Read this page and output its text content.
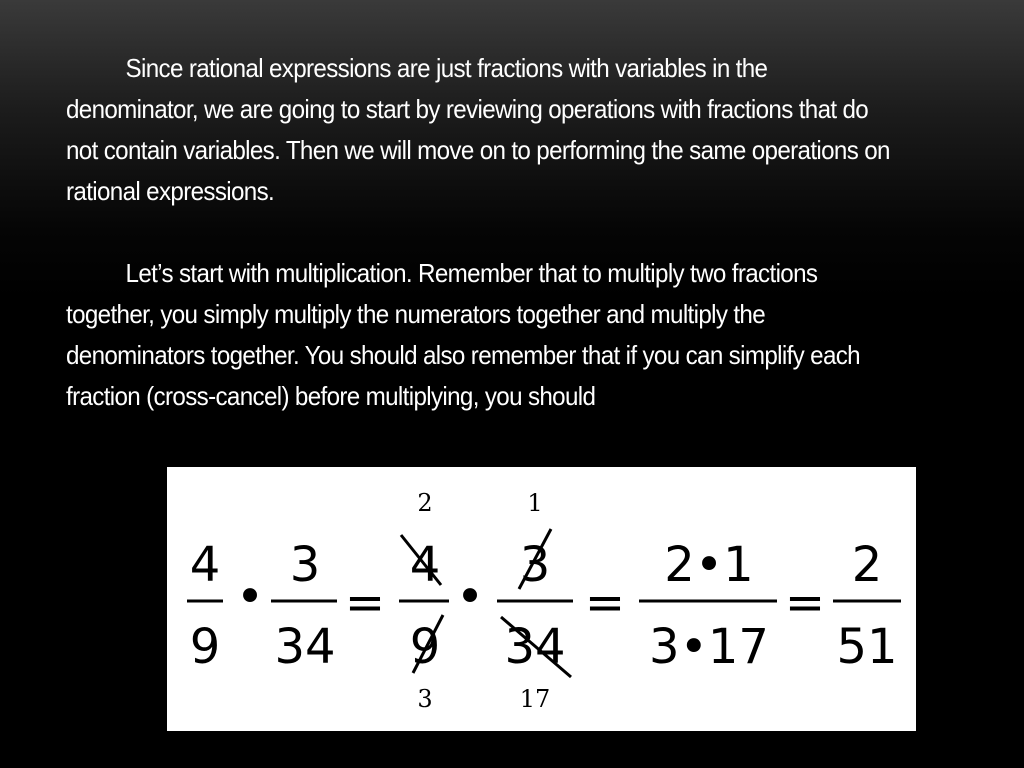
Since rational expressions are just fractions with variables in the denominator, we are going to start by reviewing operations with fractions that do not contain variables. Then we will move on to performing the same operations on rational expressions.

Let’s start with multiplication. Remember that to multiply two fractions together, you simply multiply the numerators together and multiply the denominators together. You should also remember that if you can simplify each fraction (cross-cancel) before multiplying, you should

4
9
•
3
34
=
2
4
9
3
•
1
3
34
17
=
2•1
3•17
=
2
51
